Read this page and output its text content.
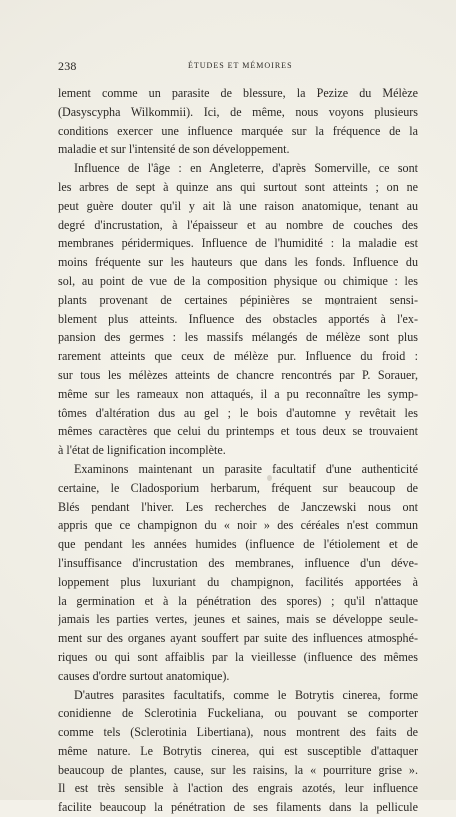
238	ÉTUDES ET MÉMOIRES
lement comme un parasite de blessure, la Pezize du Mélèze
(Dasyscypha Wilkommii). Ici, de même, nous voyons plusieurs
conditions exercer une influence marquée sur la fréquence de la
maladie et sur l'intensité de son développement.
Influence de l'âge : en Angleterre, d'après Somerville, ce sont
les arbres de sept à quinze ans qui surtout sont atteints ; on ne
peut guère douter qu'il y ait là une raison anatomique, tenant au
degré d'incrustation, à l'épaisseur et au nombre de couches des
membranes péridermiques. Influence de l'humidité : la maladie est
moins fréquente sur les hauteurs que dans les fonds. Influence du
sol, au point de vue de la composition physique ou chimique : les
plants provenant de certaines pépinières se montraient sensi-
blement plus atteints. Influence des obstacles apportés à l'ex-
pansion des germes : les massifs mélangés de mélèze sont plus
rarement atteints que ceux de mélèze pur. Influence du froid :
sur tous les mélèzes atteints de chancre rencontrés par P. Sorauer,
même sur les rameaux non attaqués, il a pu reconnaître les symp-
tômes d'altération dus au gel ; le bois d'automne y revêtait les
mêmes caractères que celui du printemps et tous deux se trouvaient
à l'état de lignification incomplète.
Examinons maintenant un parasite facultatif d'une authenticité
certaine, le Cladosporium herbarum, fréquent sur beaucoup de
Blés pendant l'hiver. Les recherches de Janczewski nous ont
appris que ce champignon du « noir » des céréales n'est commun
que pendant les années humides (influence de l'étiolement et de
l'insuffisance d'incrustation des membranes, influence d'un déve-
loppement plus luxuriant du champignon, facilités apportées à
la germination et à la pénétration des spores) ; qu'il n'attaque
jamais les parties vertes, jeunes et saines, mais se développe seule-
ment sur des organes ayant souffert par suite des influences atmosphé-
riques ou qui sont affaiblis par la vieillesse (influence des mêmes
causes d'ordre surtout anatomique).
D'autres parasites facultatifs, comme le Botrytis cinerea, forme
conidienne de Sclerotinia Fuckeliana, ou pouvant se comporter
comme tels (Sclerotinia Libertiana), nous montrent des faits de
même nature. Le Botrytis cinerea, qui est susceptible d'attaquer
beaucoup de plantes, cause, sur les raisins, la « pourriture grise ».
Il est très sensible à l'action des engrais azotés, leur influence
facilite beaucoup la pénétration de ses filaments dans la pellicule
